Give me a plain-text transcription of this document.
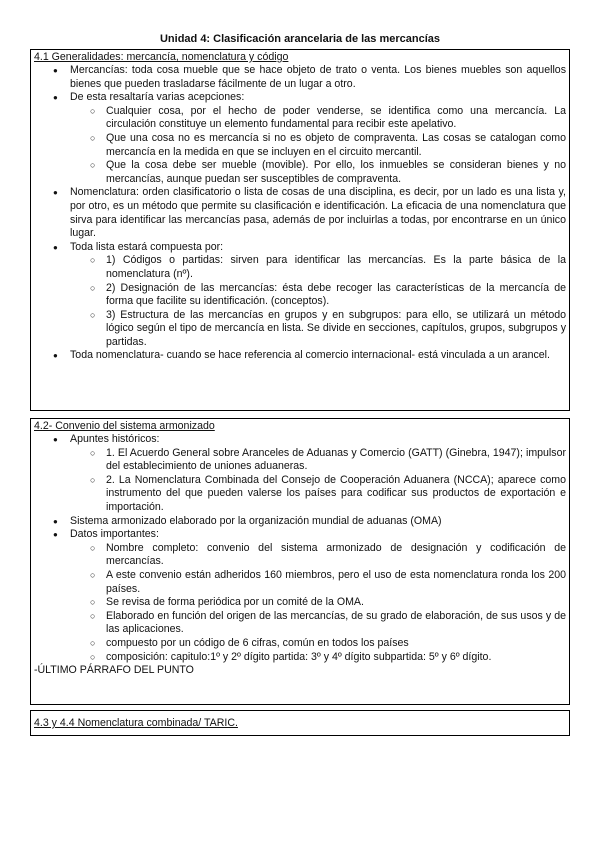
Unidad 4: Clasificación arancelaria de las mercancías
4.1 Generalidades: mercancía, nomenclatura y código
● Mercancías: toda cosa mueble que se hace objeto de trato o venta. Los bienes muebles son aquellos bienes que pueden trasladarse fácilmente de un lugar a otro.
● De esta resaltaría varias acepciones:
○ Cualquier cosa, por el hecho de poder venderse, se identifica como una mercancía. La circulación constituye un elemento fundamental para recibir este apelativo.
○ Que una cosa no es mercancía si no es objeto de compraventa. Las cosas se catalogan como mercancía en la medida en que se incluyen en el circuito mercantil.
○ Que la cosa debe ser mueble (movible). Por ello, los inmuebles se consideran bienes y no mercancías, aunque puedan ser susceptibles de compraventa.
● Nomenclatura: orden clasificatorio o lista de cosas de una disciplina, es decir, por un lado es una lista y, por otro, es un método que permite su clasificación e identificación. La eficacia de una nomenclatura que sirva para identificar las mercancías pasa, además de por incluirlas a todas, por encontrarse en un único lugar.
● Toda lista estará compuesta por:
○ 1) Códigos o partidas: sirven para identificar las mercancías. Es la parte básica de la nomenclatura (nº).
○ 2) Designación de las mercancías: ésta debe recoger las características de la mercancía de forma que facilite su identificación. (conceptos).
○ 3) Estructura de las mercancías en grupos y en subgrupos: para ello, se utilizará un método lógico según el tipo de mercancía en lista. Se divide en secciones, capítulos, grupos, subgrupos y partidas.
● Toda nomenclatura- cuando se hace referencia al comercio internacional- está vinculada a un arancel.
4.2- Convenio del sistema armonizado
● Apuntes históricos:
○ 1. El Acuerdo General sobre Aranceles de Aduanas y Comercio (GATT) (Ginebra, 1947); impulsor del establecimiento de uniones aduaneras.
○ 2. La Nomenclatura Combinada del Consejo de Cooperación Aduanera (NCCA); aparece como instrumento del que pueden valerse los países para codificar sus productos de exportación e importación.
● Sistema armonizado elaborado por la organización mundial de aduanas (OMA)
● Datos importantes:
○ Nombre completo: convenio del sistema armonizado de designación y codificación de mercancías.
○ A este convenio están adheridos 160 miembros, pero el uso de esta nomenclatura ronda los 200 países.
○ Se revisa de forma periódica por un comité de la OMA.
○ Elaborado en función del origen de las mercancías, de su grado de elaboración, de sus usos y de las aplicaciones.
○ compuesto por un código de 6 cifras, común en todos los países
○ composición: capitulo:1º y 2º dígito partida: 3º y 4º dígito subpartida: 5º y 6º dígito.
-ÚLTIMO PÁRRAFO DEL PUNTO
4.3 y 4.4 Nomenclatura combinada/ TARIC.
